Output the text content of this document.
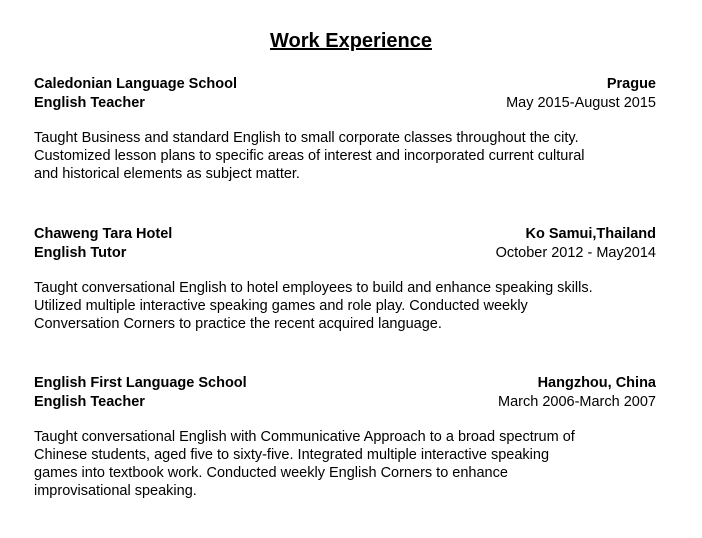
Work Experience
Caledonian Language School	Prague
English Teacher	May 2015-August 2015

Taught Business and standard English to small corporate classes throughout the city.

Customized lesson plans to specific areas of interest and incorporated current cultural

and historical elements as subject matter.

Chaweng Tara Hotel	Ko Samui,Thailand
English Tutor	October 2012 - May2014

Taught conversational English to hotel employees to build and enhance speaking skills.

Utilized multiple interactive speaking games and role play. Conducted weekly

Conversation Corners to practice the recent acquired language.

English First Language School	Hangzhou, China
English Teacher	March 2006-March 2007

Taught conversational English with Communicative Approach to a broad spectrum of

Chinese students, aged five to sixty-five. Integrated multiple interactive speaking

games into textbook work. Conducted weekly English Corners to enhance

improvisational speaking.
